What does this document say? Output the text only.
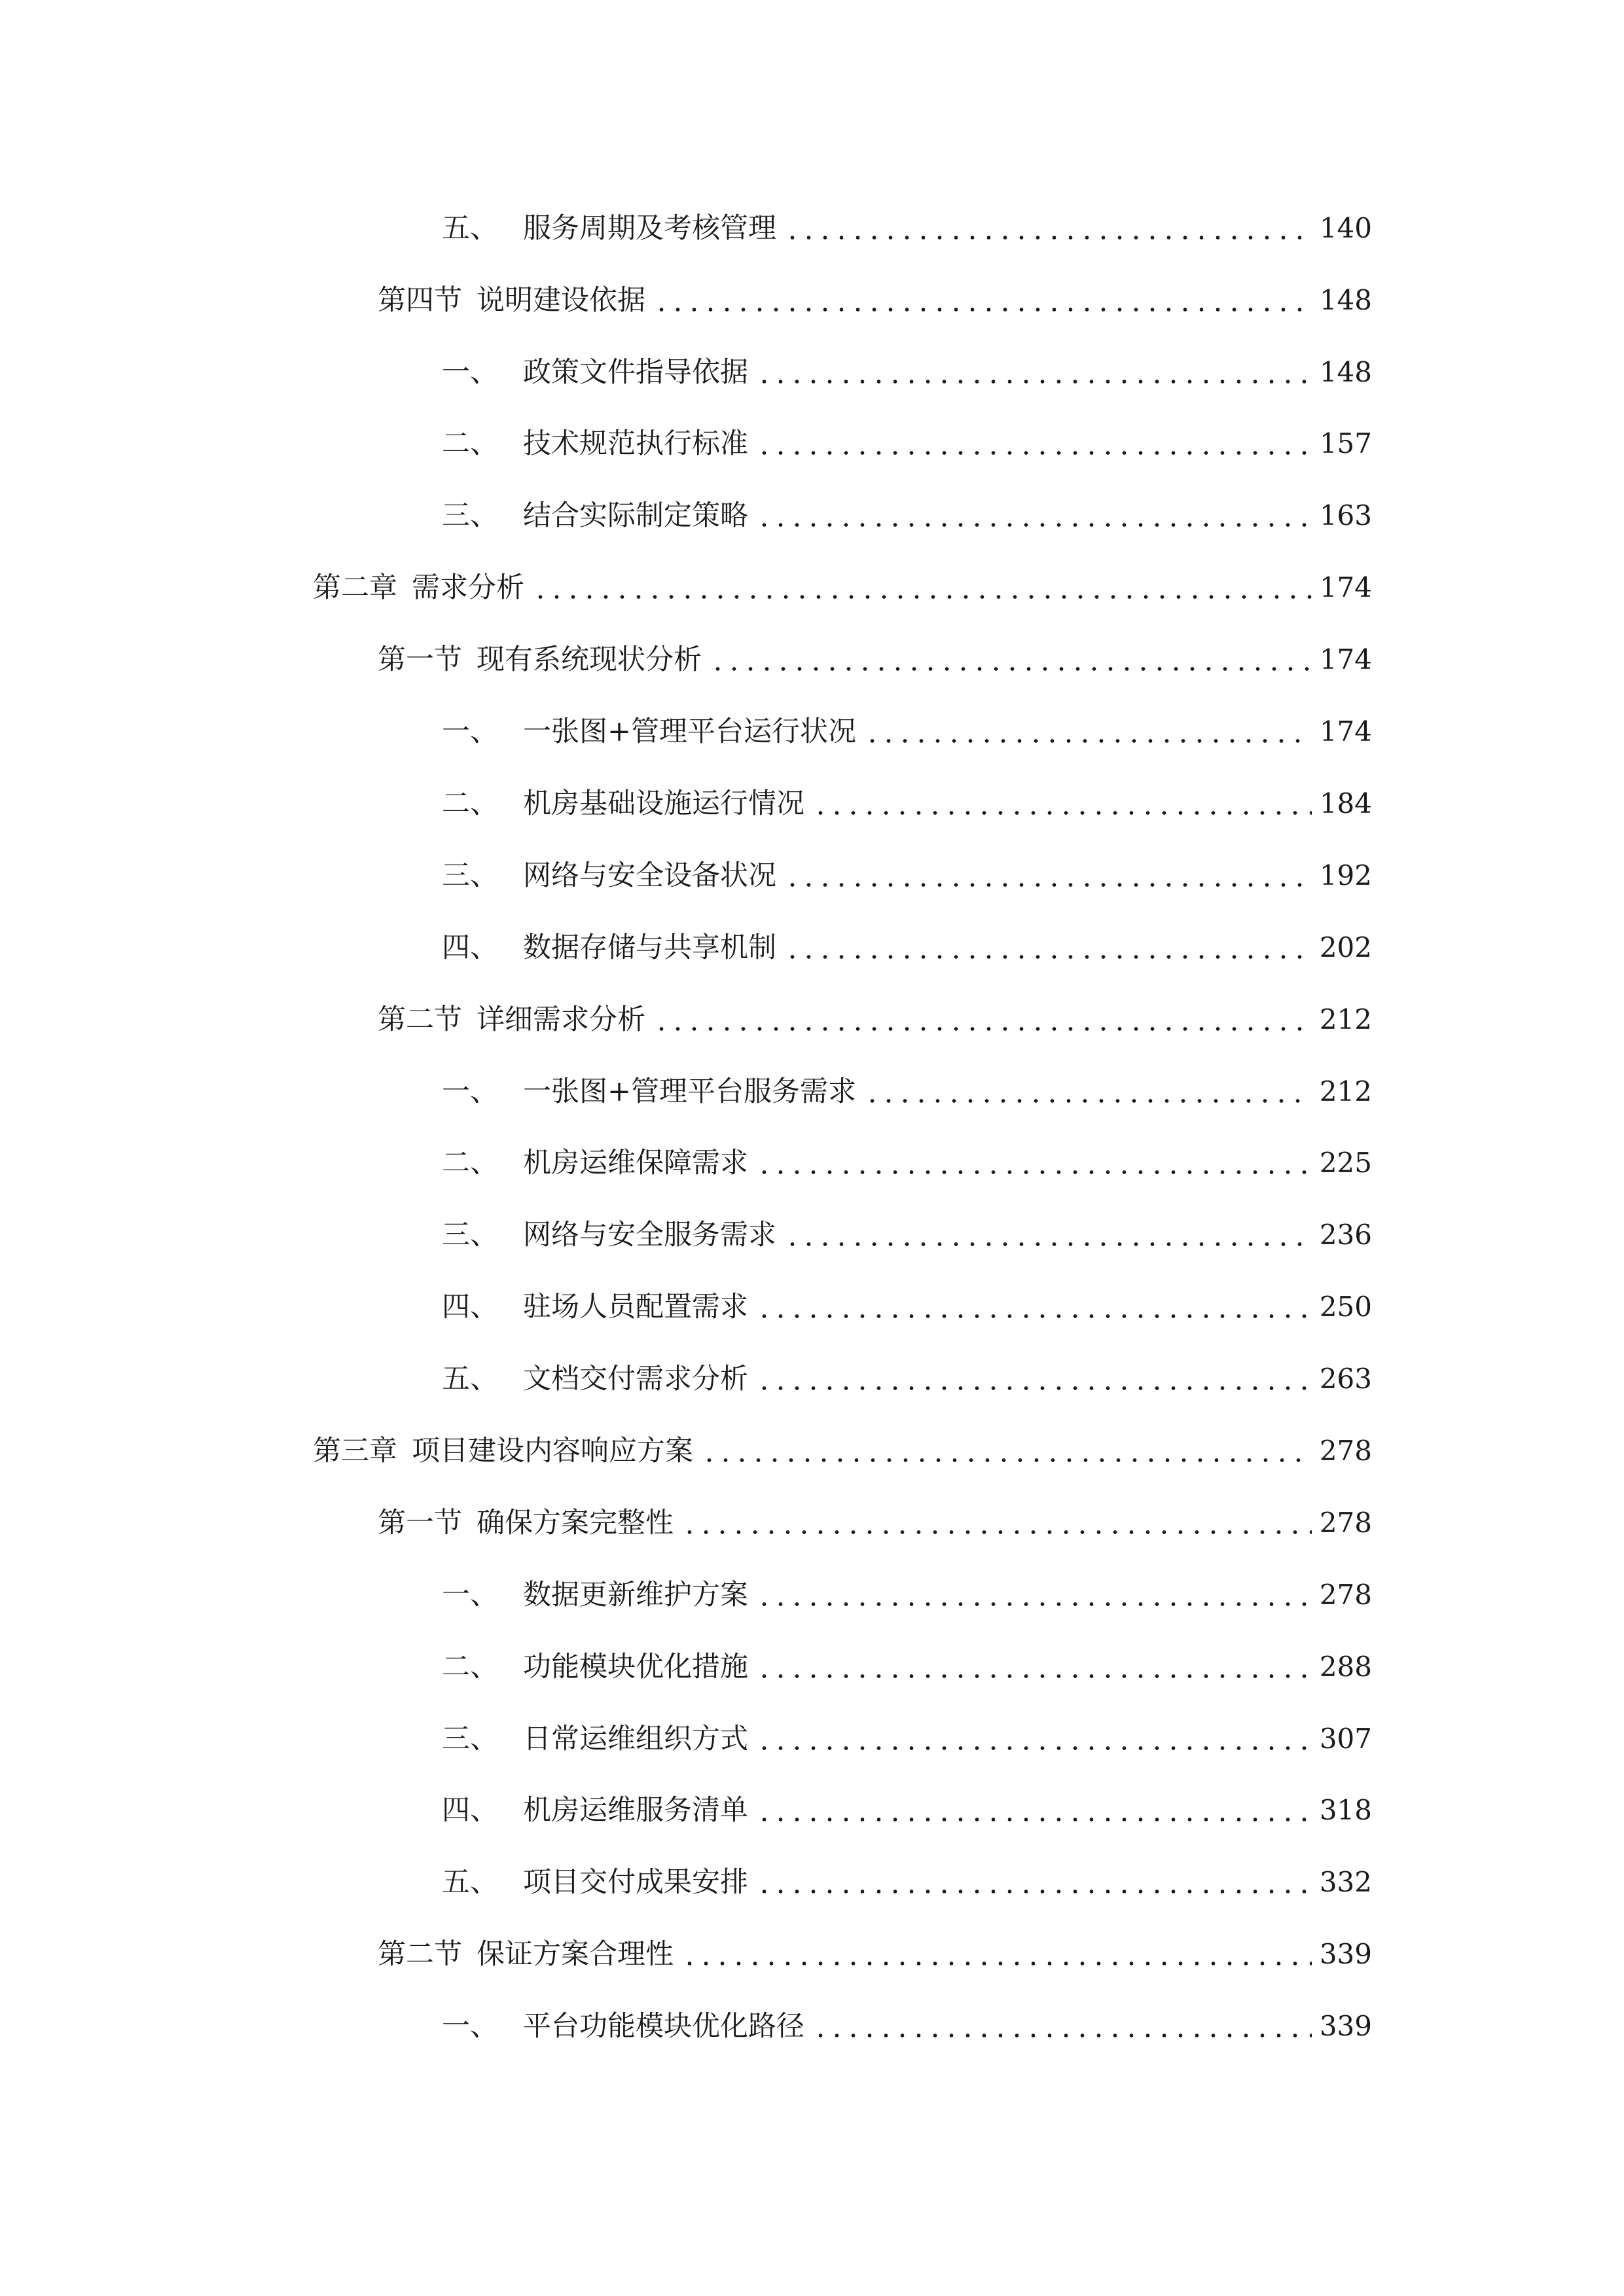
五、 服务周期及考核管理	140
第四节 说明建设依据	148
一、 政策文件指导依据	148
二、 技术规范执行标准	157
三、 结合实际制定策略	163
第二章 需求分析	174
第一节 现有系统现状分析	174
一、 一张图+管理平台运行状况	174
二、 机房基础设施运行情况	184
三、 网络与安全设备状况	192
四、 数据存储与共享机制	202
第二节 详细需求分析	212
一、 一张图+管理平台服务需求	212
二、 机房运维保障需求	225
三、 网络与安全服务需求	236
四、 驻场人员配置需求	250
五、 文档交付需求分析	263
第三章 项目建设内容响应方案	278
第一节 确保方案完整性	278
一、 数据更新维护方案	278
二、 功能模块优化措施	288
三、 日常运维组织方式	307
四、 机房运维服务清单	318
五、 项目交付成果安排	332
第二节 保证方案合理性	339
一、 平台功能模块优化路径	339
